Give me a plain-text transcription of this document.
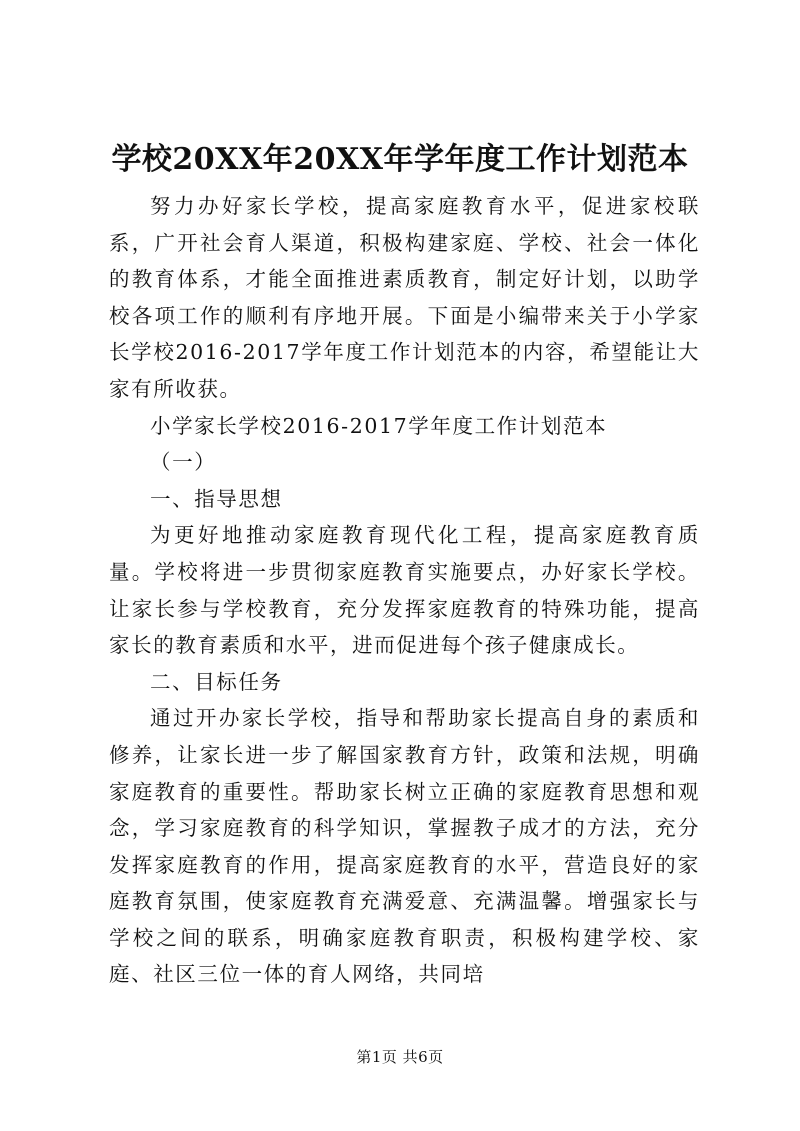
学校20XX年20XX年学年度工作计划范本

努力办好家长学校，提高家庭教育水平，促进家校联系，广开社会育人渠道，积极构建家庭、学校、社会一体化的教育体系，才能全面推进素质教育，制定好计划，以助学校各项工作的顺利有序地开展。下面是小编带来关于小学家长学校2016-2017学年度工作计划范本的内容，希望能让大家有所收获。

小学家长学校2016-2017学年度工作计划范本

（一）

一、指导思想

为更好地推动家庭教育现代化工程，提高家庭教育质量。学校将进一步贯彻家庭教育实施要点，办好家长学校。让家长参与学校教育，充分发挥家庭教育的特殊功能，提高家长的教育素质和水平，进而促进每个孩子健康成长。

二、目标任务

通过开办家长学校，指导和帮助家长提高自身的素质和修养，让家长进一步了解国家教育方针，政策和法规，明确家庭教育的重要性。帮助家长树立正确的家庭教育思想和观念，学习家庭教育的科学知识，掌握教子成才的方法，充分发挥家庭教育的作用，提高家庭教育的水平，营造良好的家庭教育氛围，使家庭教育充满爱意、充满温馨。增强家长与学校之间的联系，明确家庭教育职责，积极构建学校、家庭、社区三位一体的育人网络，共同培

第1页 共6页
